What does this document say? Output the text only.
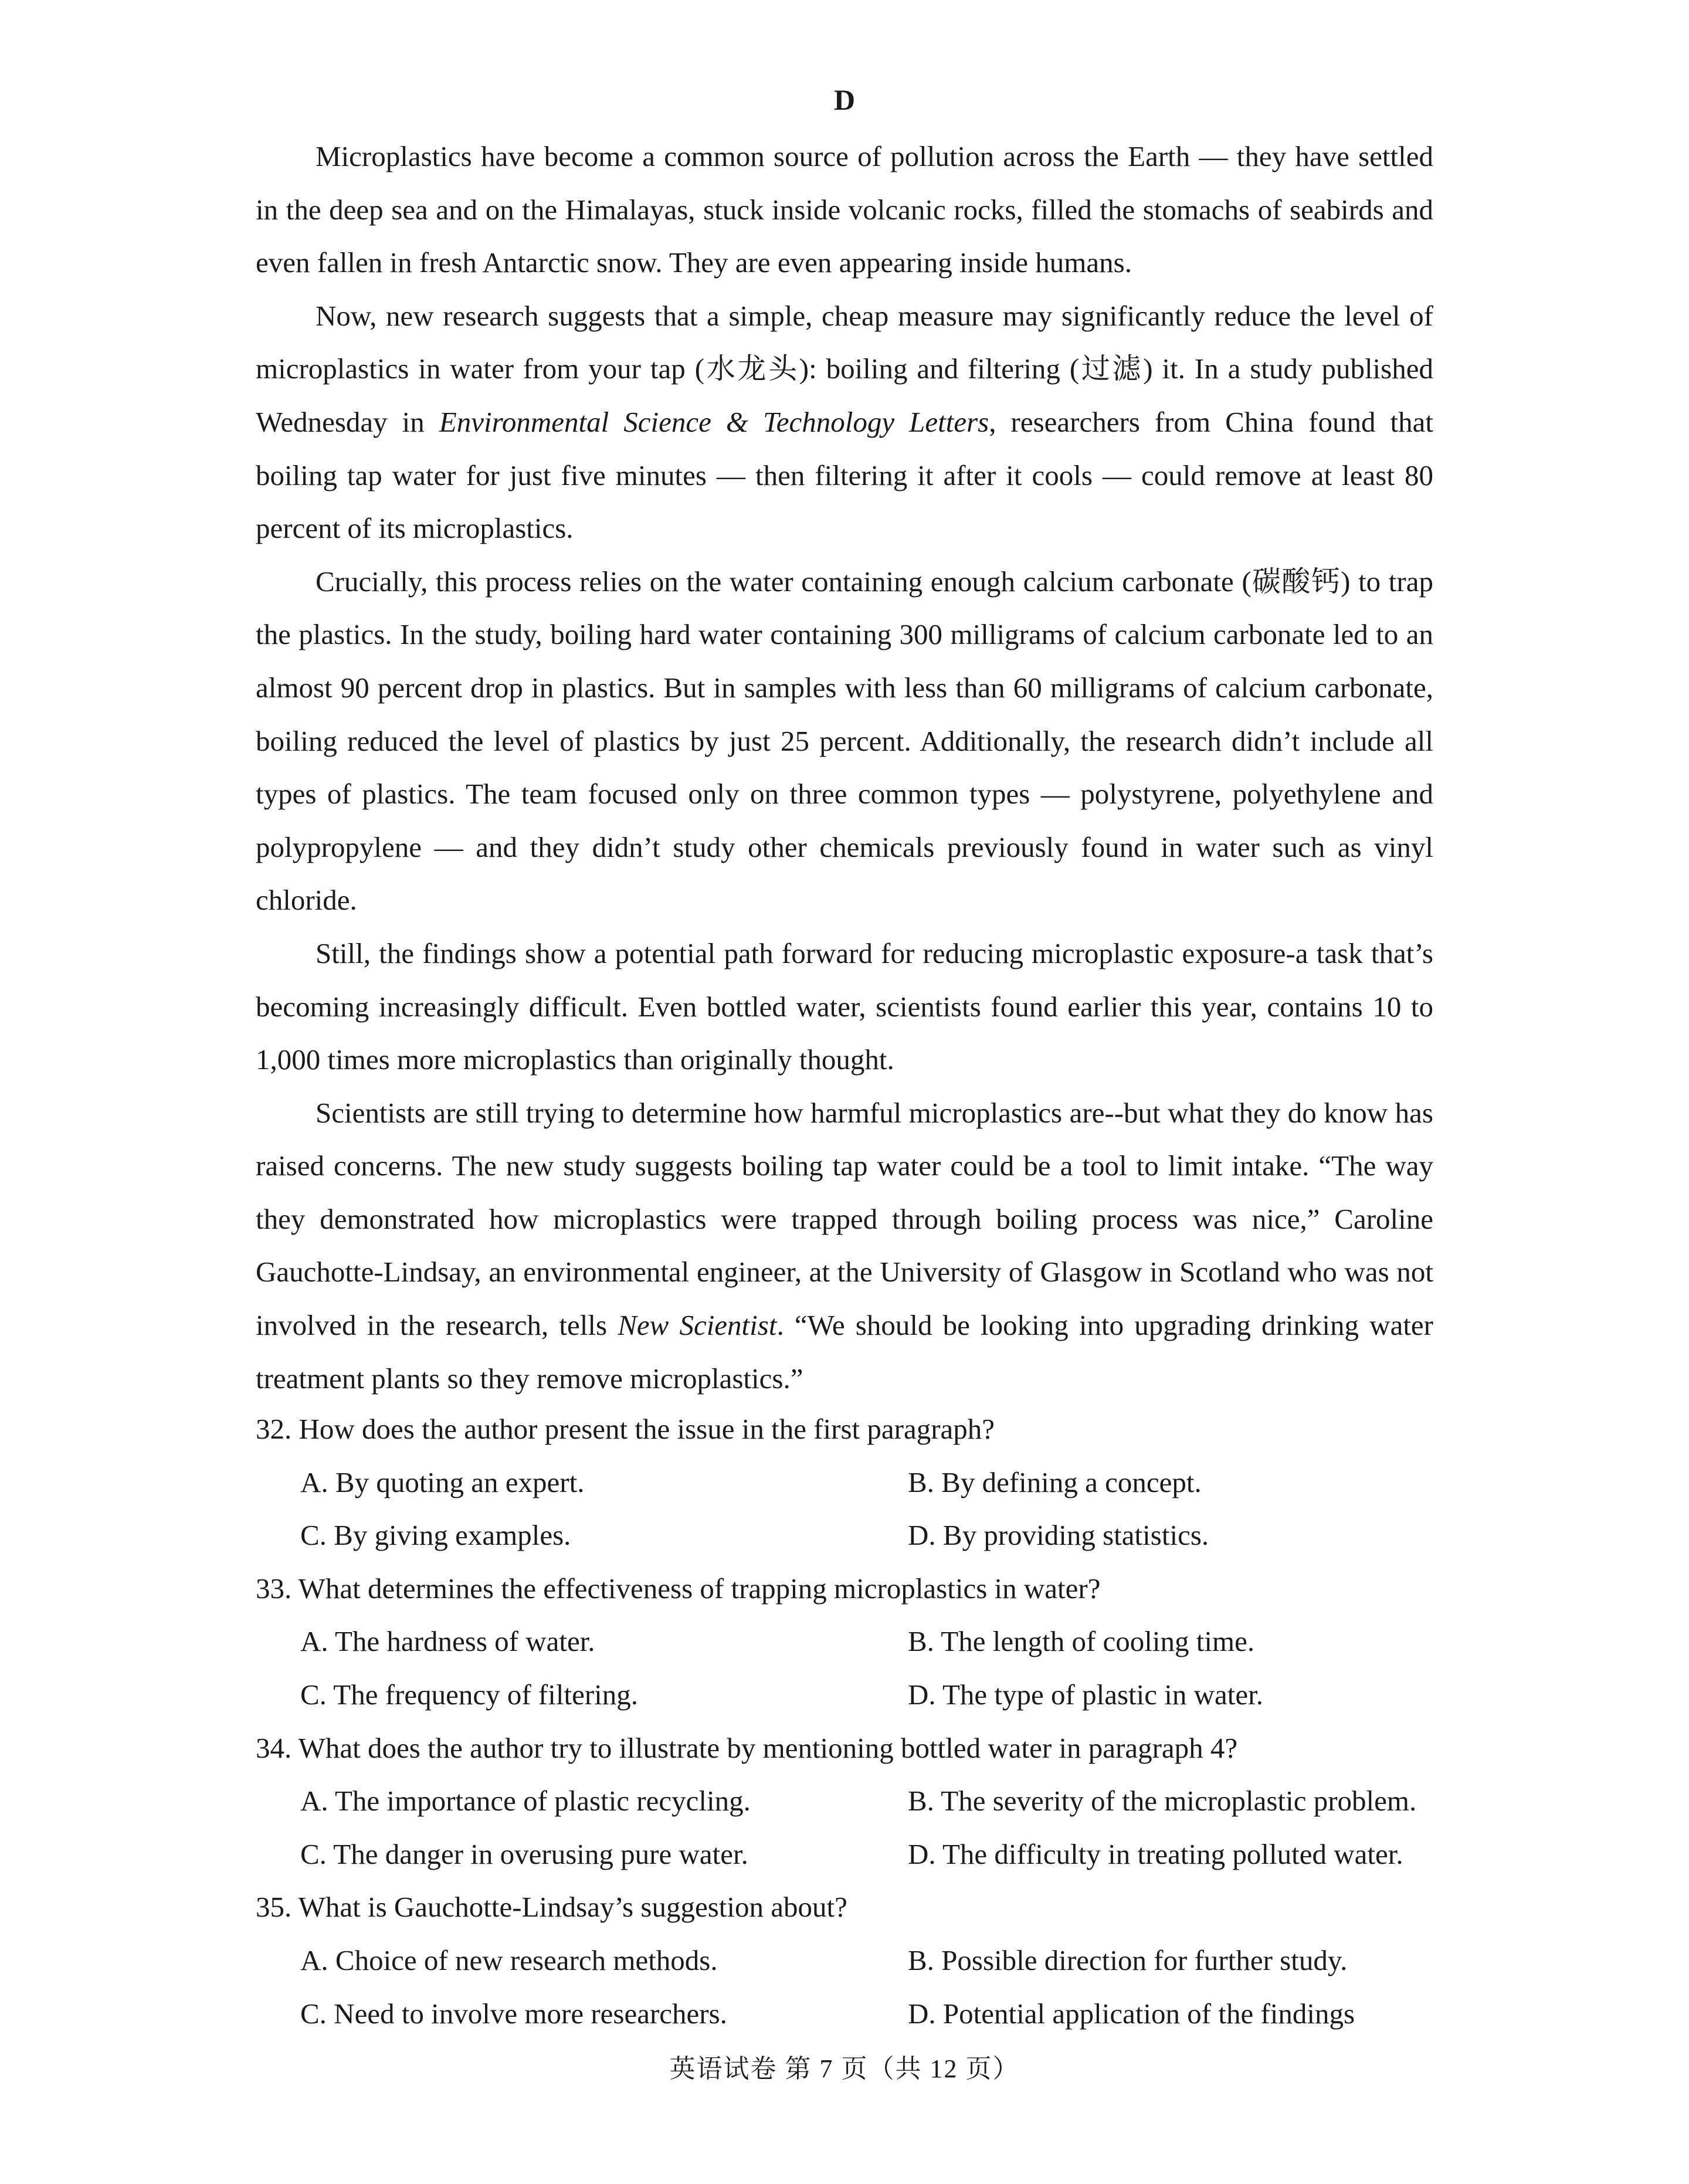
D

Microplastics have become a common source of pollution across the Earth — they have settled in the deep sea and on the Himalayas, stuck inside volcanic rocks, filled the stomachs of seabirds and even fallen in fresh Antarctic snow. They are even appearing inside humans.

Now, new research suggests that a simple, cheap measure may significantly reduce the level of microplastics in water from your tap (水龙头): boiling and filtering (过滤) it. In a study published Wednesday in Environmental Science & Technology Letters, researchers from China found that boiling tap water for just five minutes — then filtering it after it cools — could remove at least 80 percent of its microplastics.

Crucially, this process relies on the water containing enough calcium carbonate (碳酸钙) to trap the plastics. In the study, boiling hard water containing 300 milligrams of calcium carbonate led to an almost 90 percent drop in plastics. But in samples with less than 60 milligrams of calcium carbonate, boiling reduced the level of plastics by just 25 percent. Additionally, the research didn’t include all types of plastics. The team focused only on three common types — polystyrene, polyethylene and polypropylene — and they didn’t study other chemicals previously found in water such as vinyl chloride.

Still, the findings show a potential path forward for reducing microplastic exposure-a task that’s becoming increasingly difficult. Even bottled water, scientists found earlier this year, contains 10 to 1,000 times more microplastics than originally thought.

Scientists are still trying to determine how harmful microplastics are--but what they do know has raised concerns. The new study suggests boiling tap water could be a tool to limit intake. “The way they demonstrated how microplastics were trapped through boiling process was nice,” Caroline Gauchotte-Lindsay, an environmental engineer, at the University of Glasgow in Scotland who was not involved in the research, tells New Scientist. “We should be looking into upgrading drinking water treatment plants so they remove microplastics.”

32. How does the author present the issue in the first paragraph?
A. By quoting an expert.	B. By defining a concept.
C. By giving examples.	D. By providing statistics.
33. What determines the effectiveness of trapping microplastics in water?
A. The hardness of water.	B. The length of cooling time.
C. The frequency of filtering.	D. The type of plastic in water.
34. What does the author try to illustrate by mentioning bottled water in paragraph 4?
A. The importance of plastic recycling.	B. The severity of the microplastic problem.
C. The danger in overusing pure water.	D. The difficulty in treating polluted water.
35. What is Gauchotte-Lindsay’s suggestion about?
A. Choice of new research methods.	B. Possible direction for further study.
C. Need to involve more researchers.	D. Potential application of the findings
英语试卷 第 7 页（共 12 页）
